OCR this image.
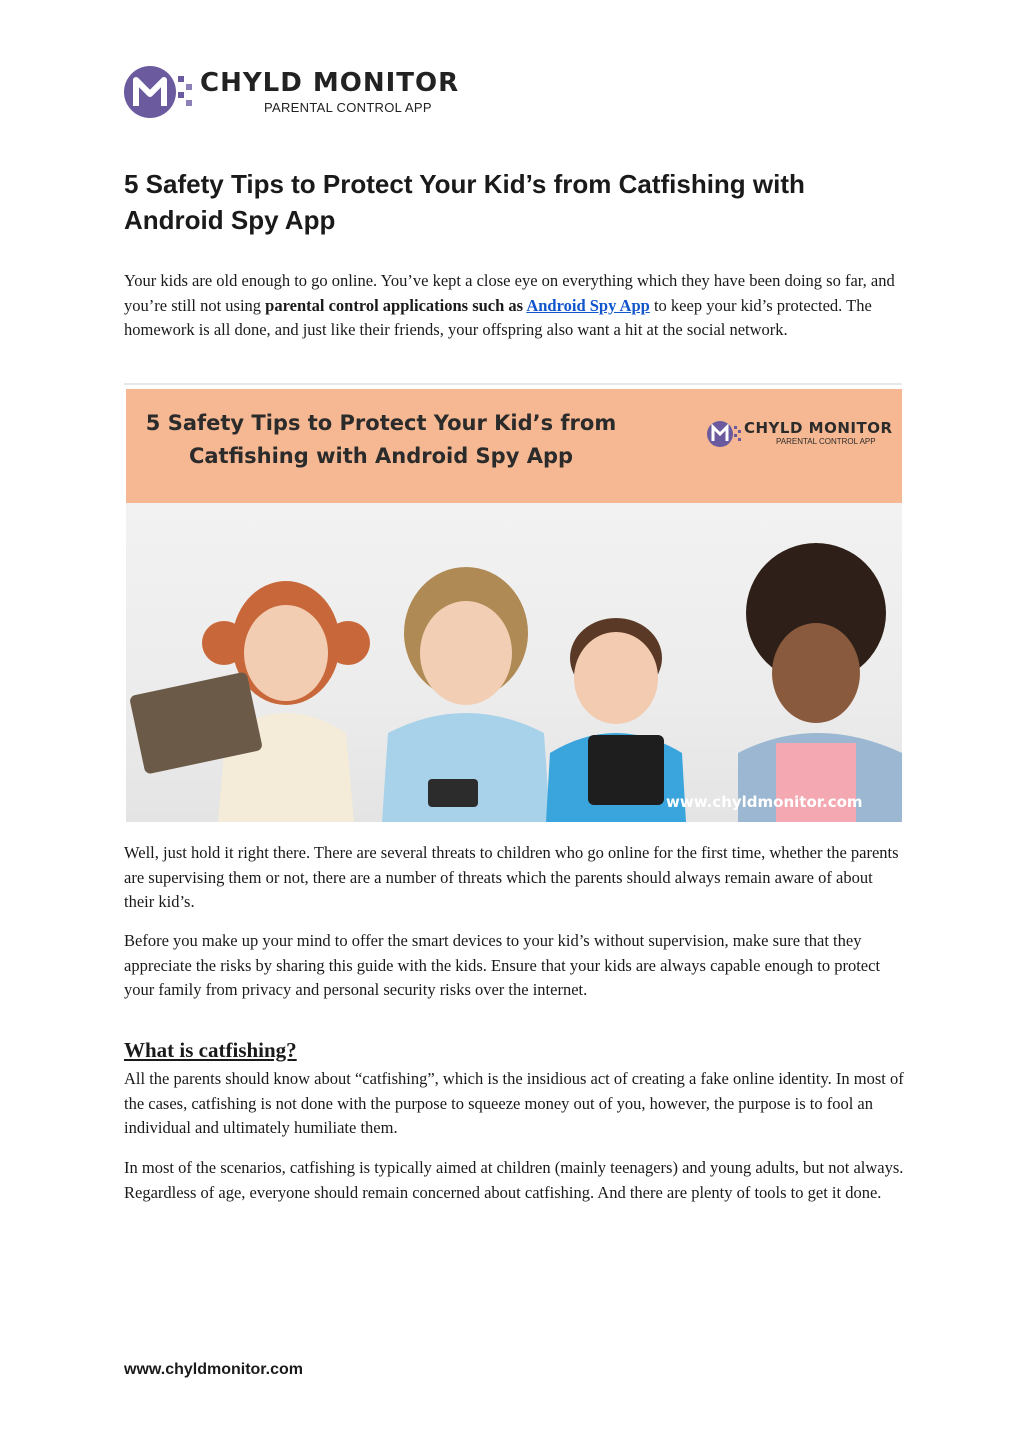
CHYLD MONITOR
PARENTAL CONTROL APP
5 Safety Tips to Protect Your Kid’s from Catfishing with Android Spy App

Your kids are old enough to go online. You’ve kept a close eye on everything which they have been doing so far, and you’re still not using parental control applications such as Android Spy App to keep your kid’s protected. The homework is all done, and just like their friends, your offspring also want a hit at the social network.

5 Safety Tips to Protect Your Kid’s from Catfishing with Android Spy App
CHYLD MONITOR
PARENTAL CONTROL APP
www.chyldmonitor.com

Well, just hold it right there. There are several threats to children who go online for the first time, whether the parents are supervising them or not, there are a number of threats which the parents should always remain aware of about their kid’s.

Before you make up your mind to offer the smart devices to your kid’s without supervision, make sure that they appreciate the risks by sharing this guide with the kids. Ensure that your kids are always capable enough to protect your family from privacy and personal security risks over the internet.

What is catfishing?

All the parents should know about “catfishing”, which is the insidious act of creating a fake online identity. In most of the cases, catfishing is not done with the purpose to squeeze money out of you, however, the purpose is to fool an individual and ultimately humiliate them.

In most of the scenarios, catfishing is typically aimed at children (mainly teenagers) and young adults, but not always. Regardless of age, everyone should remain concerned about catfishing. And there are plenty of tools to get it done.

www.chyldmonitor.com
